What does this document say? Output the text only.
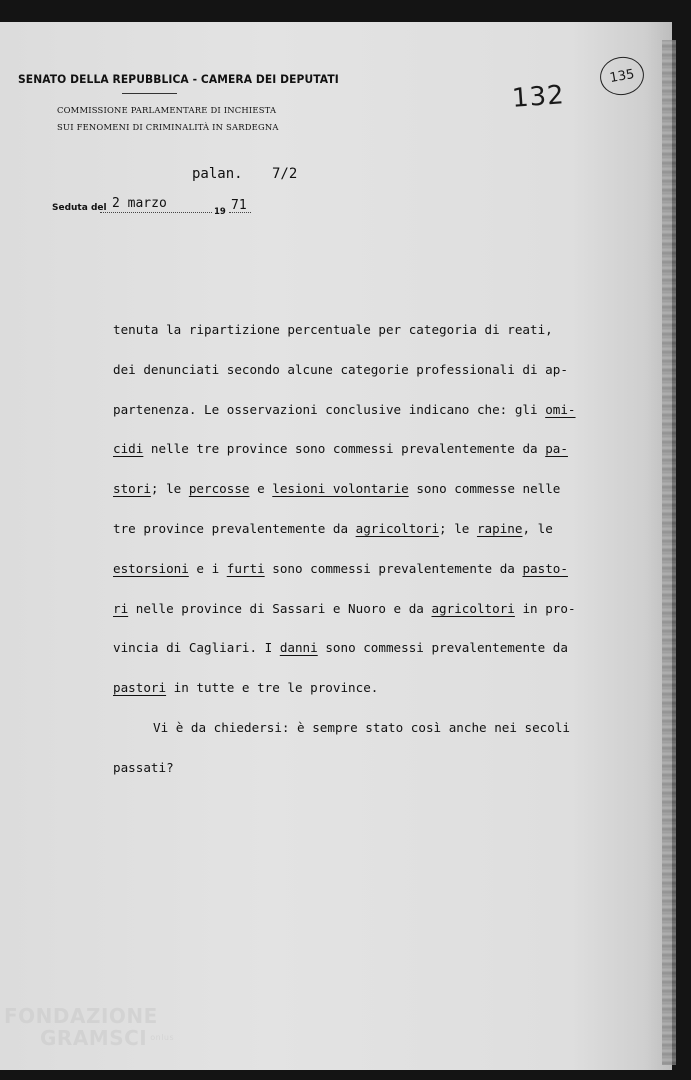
SENATO DELLA REPUBBLICA - CAMERA DEI DEPUTATI
COMMISSIONE PARLAMENTARE DI INCHIESTA
SUI FENOMENI DI CRIMINALITÀ IN SARDEGNA
132
135
palan. 7/2
Seduta del 2 marzo
19 71
tenuta la ripartizione percentuale per categoria di reati,
dei denunciati secondo alcune categorie professionali di ap-
partenenza. Le osservazioni conclusive indicano che: gli omi-
cidi nelle tre province sono commessi prevalentemente da pa-
stori; le percosse e lesioni volontarie sono commesse nelle
tre province prevalentemente da agricoltori; le rapine, le
estorsioni e i furti sono commessi prevalentemente da pasto-
ri nelle province di Sassari e Nuoro e da agricoltori in pro-
vincia di Cagliari. I danni sono commessi prevalentemente da
pastori in tutte e tre le province.
Vi è da chiedersi: è sempre stato così anche nei secoli
passati?
FONDAZIONE
GRAMSCI onlus
